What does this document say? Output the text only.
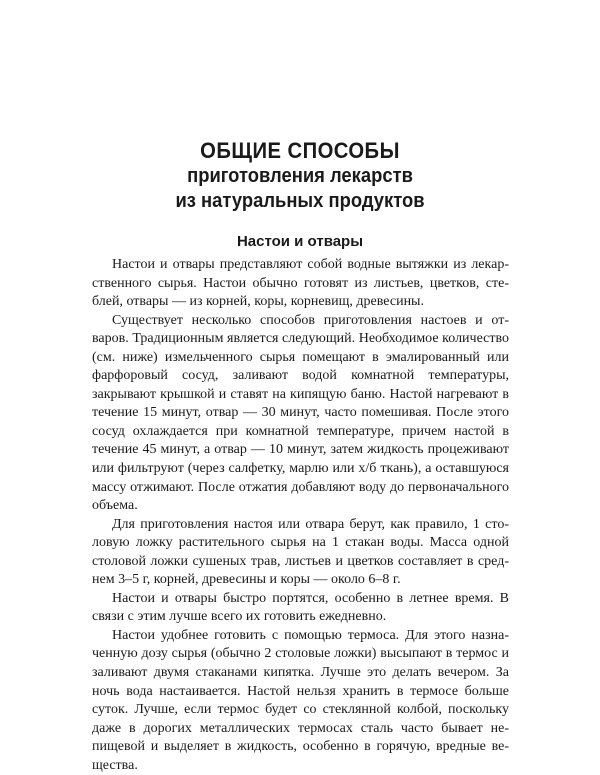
ОБЩИЕ СПОСОБЫ
приготовления лекарств
из натуральных продуктов
Настои и отвары

Настои и отвары представляют собой водные вытяжки из лекарственного сырья. Настои обычно готовят из листьев, цветков, стеблей, отвары — из корней, коры, корневищ, древесины.

Существует несколько способов приготовления настоев и отваров. Традиционным является следующий. Необходимое количество (см. ниже) измельченного сырья помещают в эмалированный или фарфоровый сосуд, заливают водой комнатной температуры, закрывают крышкой и ставят на кипящую баню. Настой нагревают в течение 15 минут, отвар — 30 минут, часто помешивая. После этого сосуд охлаждается при комнатной температуре, причем настой в течение 45 минут, а отвар — 10 минут, затем жидкость процеживают или фильтруют (через салфетку, марлю или х/б ткань), а оставшуюся массу отжимают. После отжатия добавляют воду до первоначального объема.

Для приготовления настоя или отвара берут, как правило, 1 столовую ложку растительного сырья на 1 стакан воды. Масса одной столовой ложки сушеных трав, листьев и цветков составляет в среднем 3–5 г, корней, древесины и коры — около 6–8 г.

Настои и отвары быстро портятся, особенно в летнее время. В связи с этим лучше всего их готовить ежедневно.

Настои удобнее готовить с помощью термоса. Для этого назначенную дозу сырья (обычно 2 столовые ложки) высыпают в термос и заливают двумя стаканами кипятка. Лучше это делать вечером. За ночь вода настаивается. Настой нельзя хранить в термосе больше суток. Лучше, если термос будет со стеклянной колбой, поскольку даже в дорогих металлических термосах сталь часто бывает непищевой и выделяет в жидкость, особенно в горячую, вредные вещества.
